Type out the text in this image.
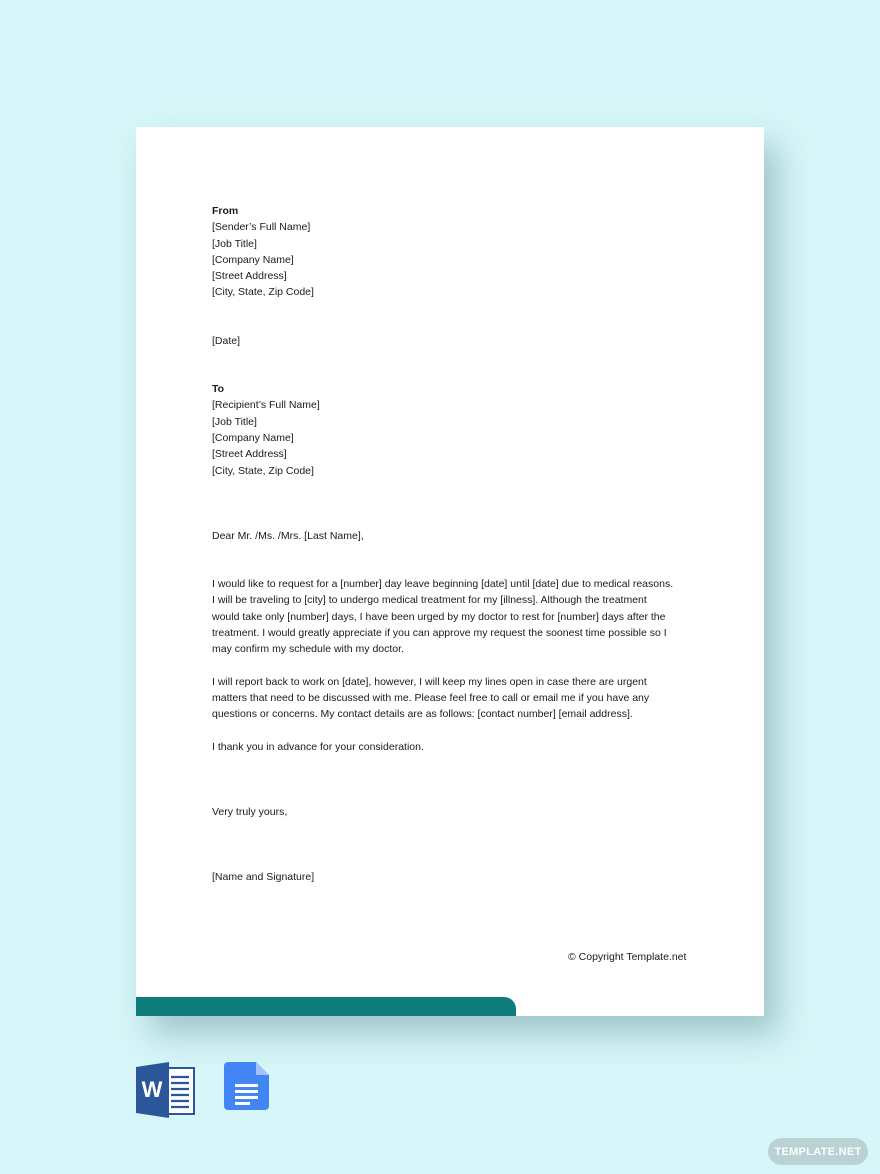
From
[Sender’s Full Name]
[Job Title]
[Company Name]
[Street Address]
[City, State, Zip Code]
[Date]
To
[Recipient’s Full Name]
[Job Title]
[Company Name]
[Street Address]
[City, State, Zip Code]
Dear Mr. /Ms. /Mrs. [Last Name],
I would like to request for a [number] day leave beginning [date] until [date] due to medical reasons.
I will be traveling to [city] to undergo medical treatment for my [illness]. Although the treatment
would take only [number] days, I have been urged by my doctor to rest for [number] days after the
treatment. I would greatly appreciate if you can approve my request the soonest time possible so I
may confirm my schedule with my doctor.
I will report back to work on [date], however, I will keep my lines open in case there are urgent
matters that need to be discussed with me. Please feel free to call or email me if you have any
questions or concerns. My contact details are as follows: [contact number] [email address].
I thank you in advance for your consideration.
Very truly yours,
[Name and Signature]
© Copyright Template.net
W
TEMPLATE.NET
